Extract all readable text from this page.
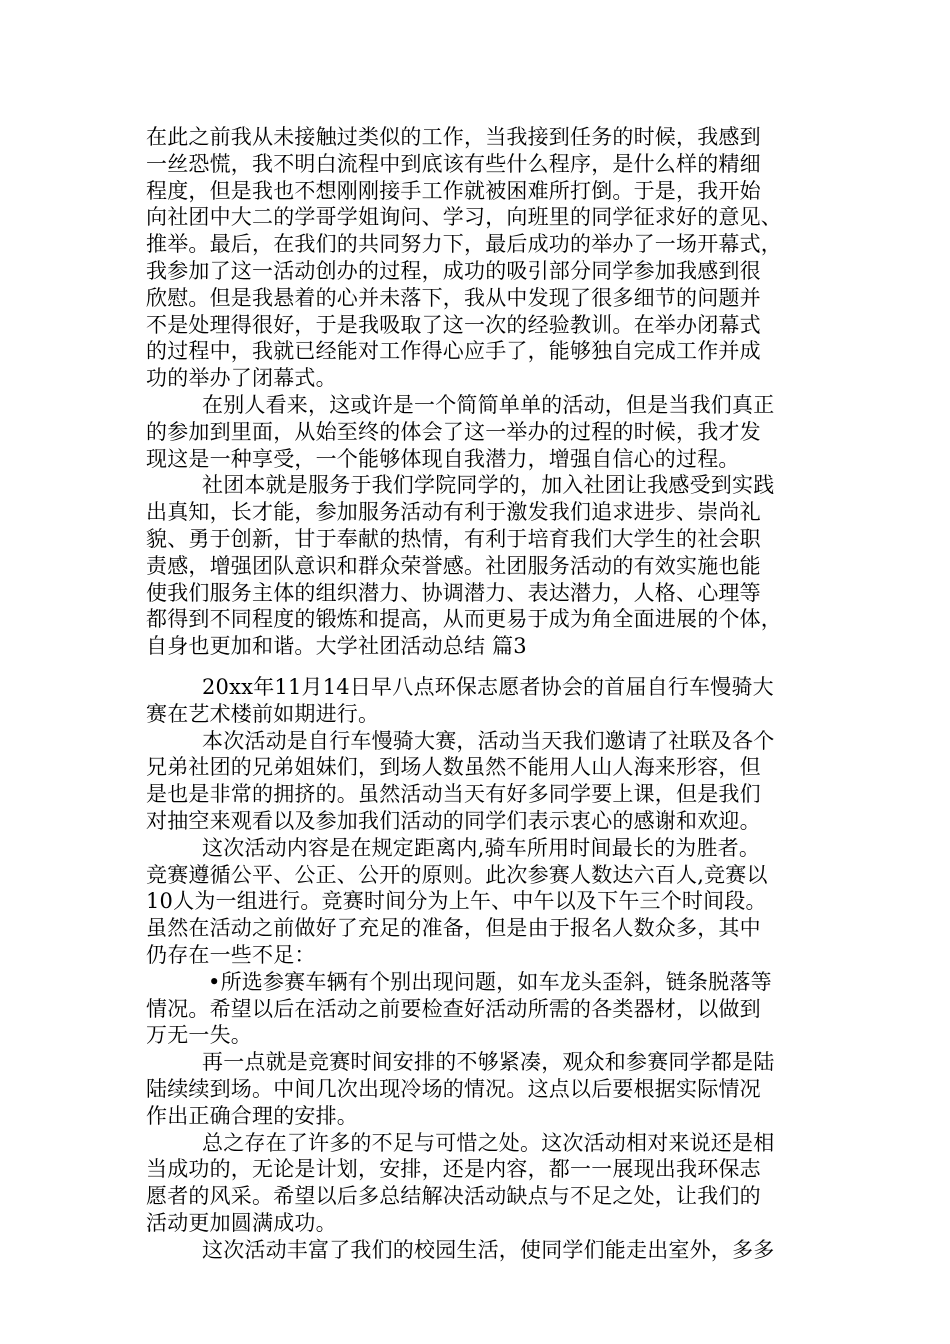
在此之前我从未接触过类似的工作，当我接到任务的时候，我感到
一丝恐慌，我不明白流程中到底该有些什么程序，是什么样的精细
程度，但是我也不想刚刚接手工作就被困难所打倒。于是，我开始
向社团中大二的学哥学姐询问、学习，向班里的同学征求好的意见、
推举。最后，在我们的共同努力下，最后成功的举办了一场开幕式，
我参加了这一活动创办的过程，成功的吸引部分同学参加我感到很
欣慰。但是我悬着的心并未落下，我从中发现了很多细节的问题并
不是处理得很好，于是我吸取了这一次的经验教训。在举办闭幕式
的过程中，我就已经能对工作得心应手了，能够独自完成工作并成
功的举办了闭幕式。
在别人看来，这或许是一个简简单单的活动，但是当我们真正
的参加到里面，从始至终的体会了这一举办的过程的时候，我才发
现这是一种享受，一个能够体现自我潜力，增强自信心的过程。
社团本就是服务于我们学院同学的，加入社团让我感受到实践
出真知，长才能，参加服务活动有利于激发我们追求进步、崇尚礼
貌、勇于创新，甘于奉献的热情，有利于培育我们大学生的社会职
责感，增强团队意识和群众荣誉感。社团服务活动的有效实施也能
使我们服务主体的组织潜力、协调潜力、表达潜力，人格、心理等
都得到不同程度的锻炼和提高，从而更易于成为角全面进展的个体，
自身也更加和谐。大学社团活动总结 篇3
20xx年11月14日早八点环保志愿者协会的首届自行车慢骑大
赛在艺术楼前如期进行。
本次活动是自行车慢骑大赛，活动当天我们邀请了社联及各个
兄弟社团的兄弟姐妹们，到场人数虽然不能用人山人海来形容，但
是也是非常的拥挤的。虽然活动当天有好多同学要上课，但是我们
对抽空来观看以及参加我们活动的同学们表示衷心的感谢和欢迎。
这次活动内容是在规定距离内,骑车所用时间最长的为胜者。
竞赛遵循公平、公正、公开的原则。此次参赛人数达六百人,竞赛以
10人为一组进行。竞赛时间分为上午、中午以及下午三个时间段。
虽然在活动之前做好了充足的准备，但是由于报名人数众多，其中
仍存在一些不足：
•所选参赛车辆有个别出现问题，如车龙头歪斜，链条脱落等
情况。希望以后在活动之前要检查好活动所需的各类器材，以做到
万无一失。
再一点就是竞赛时间安排的不够紧凑，观众和参赛同学都是陆
陆续续到场。中间几次出现冷场的情况。这点以后要根据实际情况
作出正确合理的安排。
总之存在了许多的不足与可惜之处。这次活动相对来说还是相
当成功的，无论是计划，安排，还是内容，都一一展现出我环保志
愿者的风采。希望以后多总结解决活动缺点与不足之处，让我们的
活动更加圆满成功。
这次活动丰富了我们的校园生活，使同学们能走出室外，多多
